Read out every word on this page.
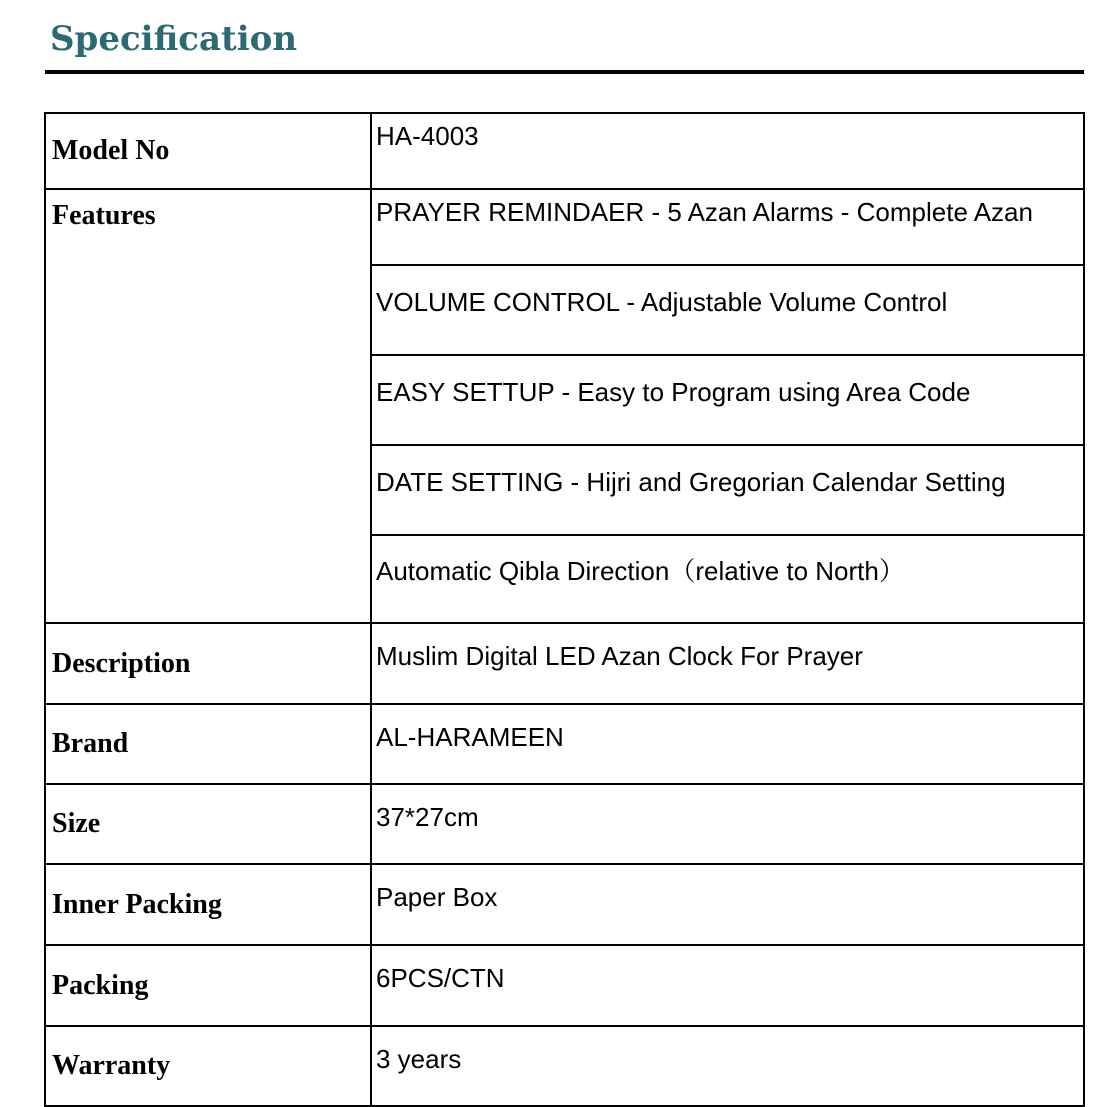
Specification
Model No	HA-4003
Features	PRAYER REMINDAER - 5 Azan Alarms - Complete Azan
	VOLUME CONTROL - Adjustable Volume Control
	EASY SETTUP - Easy to Program using Area Code
	DATE SETTING - Hijri and Gregorian Calendar Setting
	Automatic Qibla Direction（relative to North）
Description	Muslim Digital LED Azan Clock For Prayer
Brand	AL-HARAMEEN
Size	37*27cm
Inner Packing	Paper Box
Packing	6PCS/CTN
Warranty	3 years
